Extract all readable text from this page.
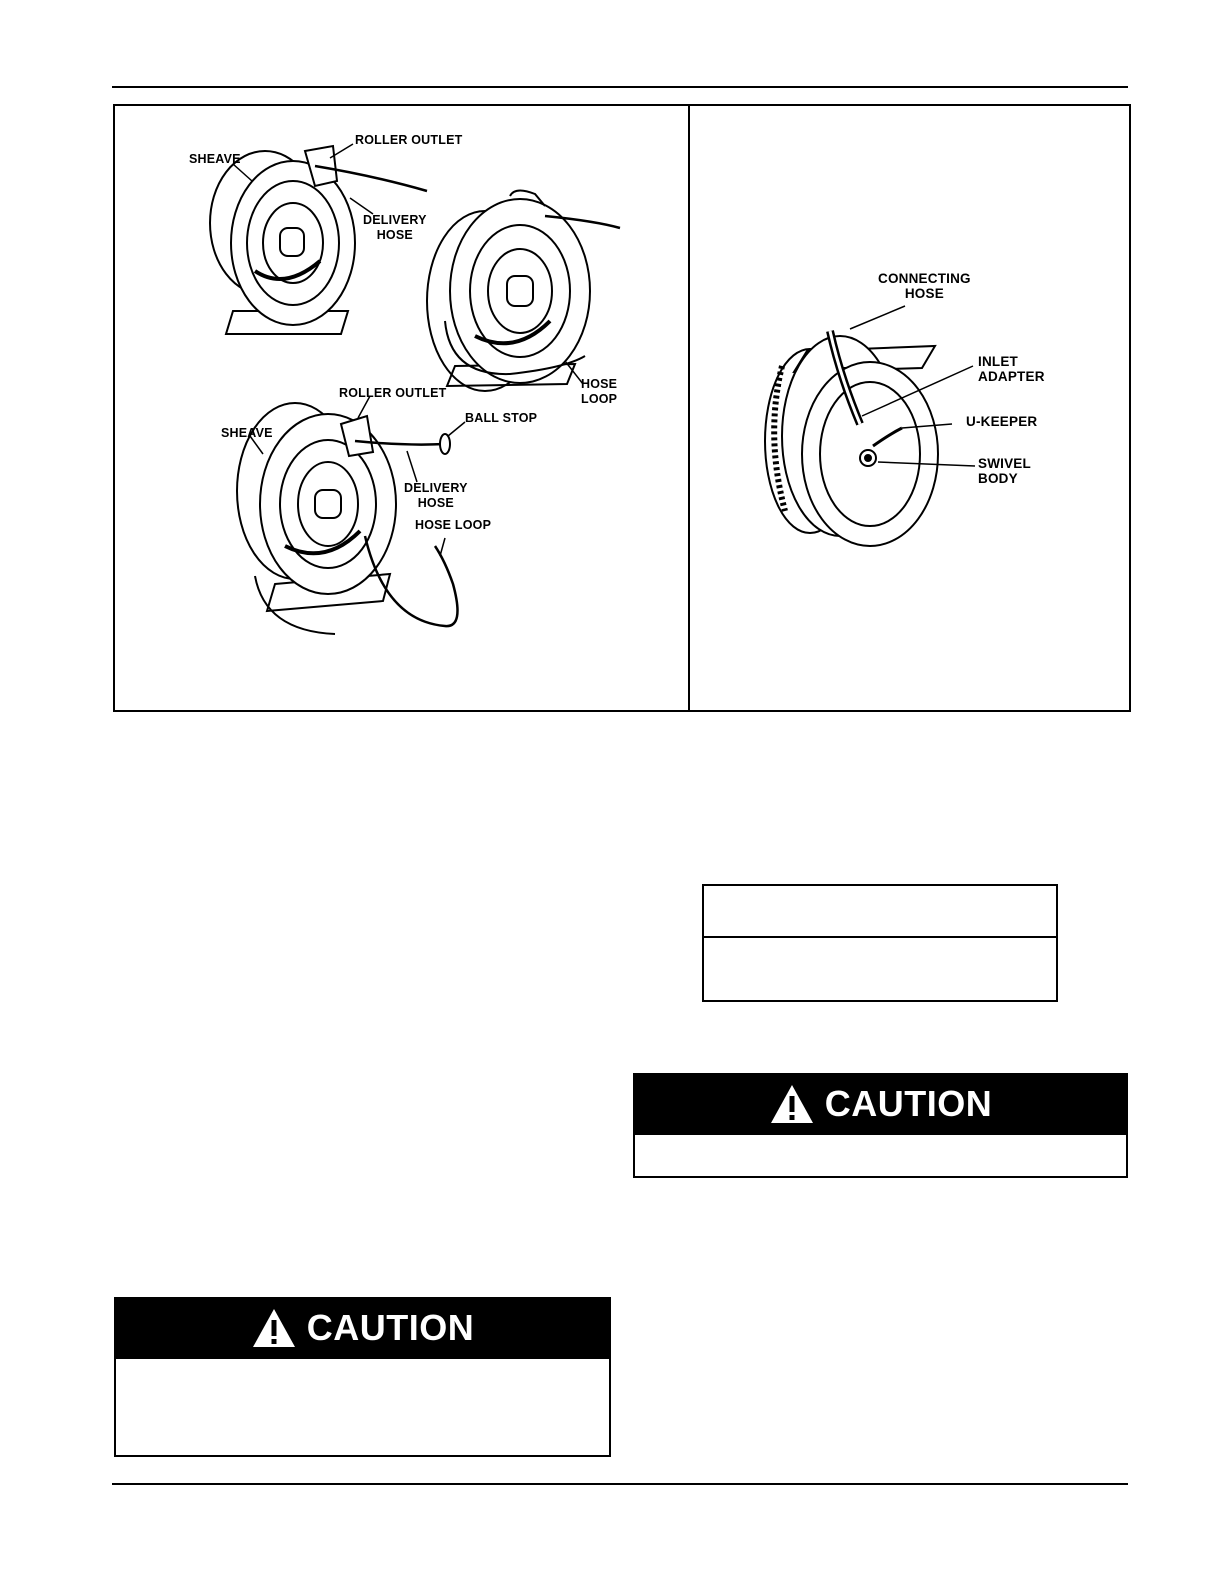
SHEAVE
ROLLER OUTLET
DELIVERY
HOSE
HOSE
LOOP
ROLLER OUTLET
BALL STOP
SHEAVE
DELIVERY
HOSE
HOSE LOOP
CONNECTING
HOSE
INLET
ADAPTER
U-KEEPER
SWIVEL
BODY
CAUTION
CAUTION
